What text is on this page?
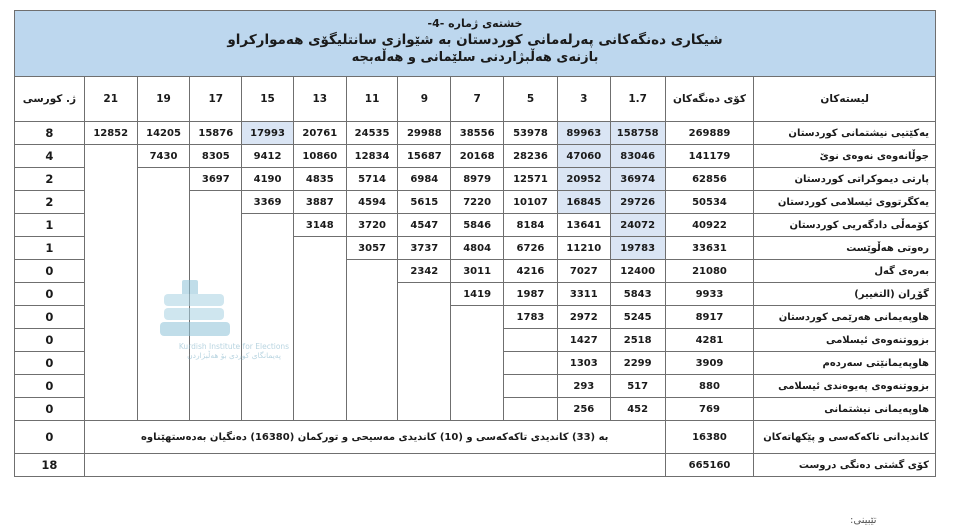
خشتەی ژمارە -4-
شیکاری دەنگەکانی پەرلەمانی کوردستان بە شێوازی سانتلیگۆی هەموارکراو
بازنەی هەڵبژاردنی سلێمانی و هەڵەبجە
لیستەکان	کۆی دەنگەکان	1.7	3	5	7	9	11	13	15	17	19	21	ژ. کورسی
یەکێتیی نیشتمانی کوردستان	269889	158758	89963	53978	38556	29988	24535	20761	17993	15876	14205	12852	8
جوڵانەوەی نەوەی نوێ	141179	83046	47060	28236	20168	15687	12834	10860	9412	8305	7430		4
پارتی دیموکراتی کوردستان	62856	36974	20952	12571	8979	6984	5714	4835	4190	3697			2
یەکگرتووی ئیسلامی کوردستان	50534	29726	16845	10107	7220	5615	4594	3887	3369				2
کۆمەڵی دادگەریی کوردستان	40922	24072	13641	8184	5846	4547	3720	3148					1
رەوتی هەڵوێست	33631	19783	11210	6726	4804	3737	3057						1
بەرەی گەل	21080	12400	7027	4216	3011	2342							0
گۆڕان (التغيير)	9933	5843	3311	1987	1419								0
هاوپەیمانی هەرێمی کوردستان	8917	5245	2972	1783									0
بزووتنەوەی ئیسلامی	4281	2518	1427										0
هاوپەیمانێتی سەردەم	3909	2299	1303										0
بزووتنەوەی پەیوەندی ئیسلامی	880	517	293										0
هاوپەیمانی نیشتمانی	769	452	256										0
کاندیدانی تاکەکەسی و پێکهاتەکان	16380	بە (33) کاندیدی تاکەکەسی و (10) کاندیدی مەسیحی و تورکمان (16380) دەنگیان بەدەستهێناوە											0
کۆی گشتی دەنگی دروست	665160												18
Kurdish Institute for Elections
پەیمانگای کوردی بۆ هەڵبژاردن
تێبینی:
